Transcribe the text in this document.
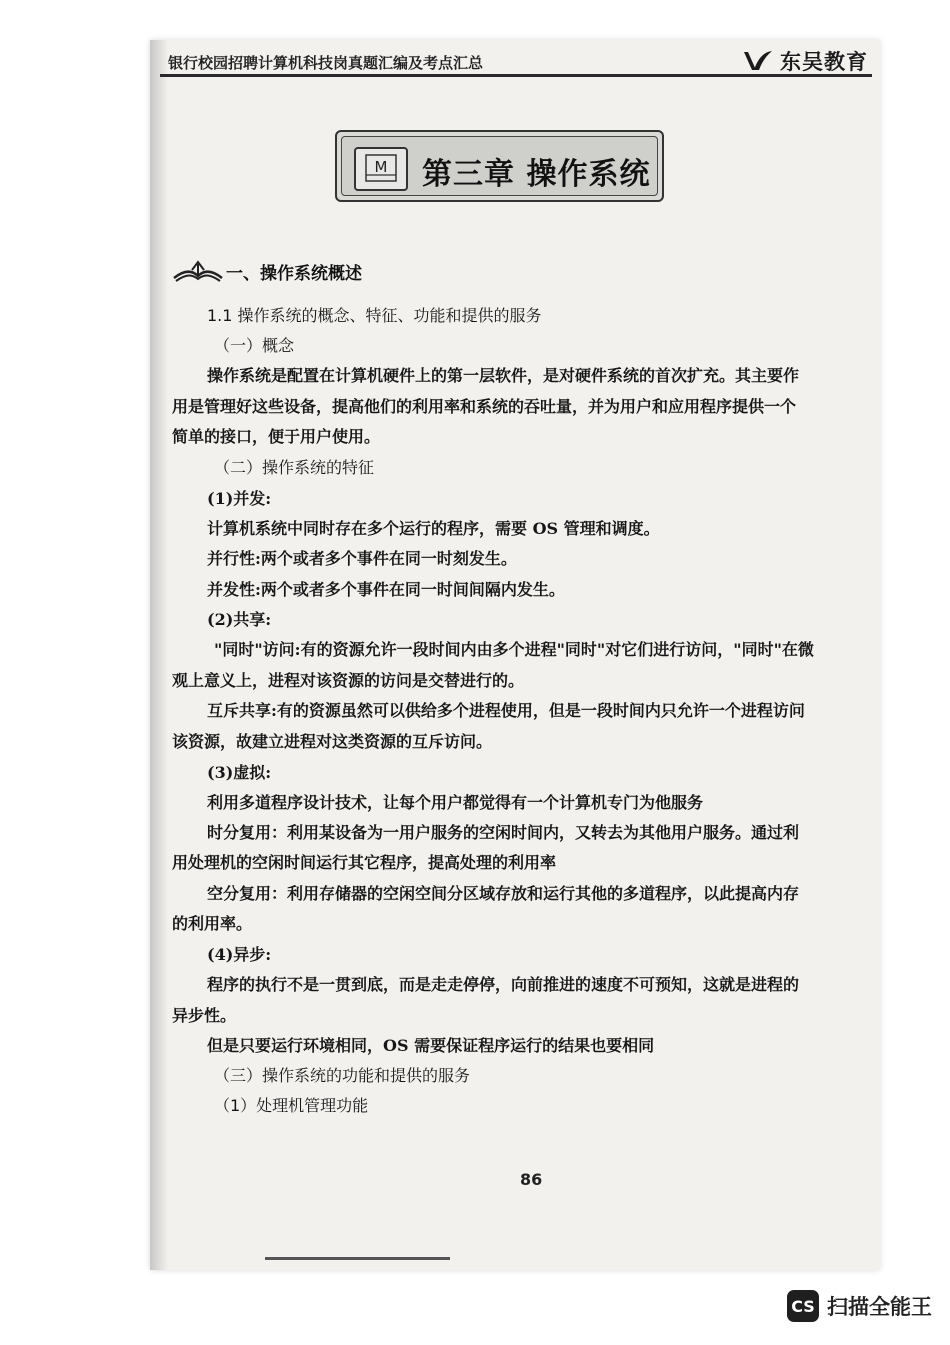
银行校园招聘计算机科技岗真题汇编及考点汇总	东吴教育
M 第三章 操作系统
一、操作系统概述
1.1 操作系统的概念、特征、功能和提供的服务
（一）概念
操作系统是配置在计算机硬件上的第一层软件，是对硬件系统的首次扩充。其主要作
用是管理好这些设备，提高他们的利用率和系统的吞吐量，并为用户和应用程序提供一个
简单的接口，便于用户使用。
（二）操作系统的特征
(1)并发:
计算机系统中同时存在多个运行的程序，需要 OS 管理和调度。
并行性:两个或者多个事件在同一时刻发生。
并发性:两个或者多个事件在同一时间间隔内发生。
(2)共享:
"同时"访问:有的资源允许一段时间内由多个进程"同时"对它们进行访问，"同时"在微
观上意义上，进程对该资源的访问是交替进行的。
互斥共享:有的资源虽然可以供给多个进程使用，但是一段时间内只允许一个进程访问
该资源，故建立进程对这类资源的互斥访问。
(3)虚拟:
利用多道程序设计技术，让每个用户都觉得有一个计算机专门为他服务
时分复用：利用某设备为一用户服务的空闲时间内，又转去为其他用户服务。通过利
用处理机的空闲时间运行其它程序，提高处理的利用率
空分复用：利用存储器的空闲空间分区域存放和运行其他的多道程序，以此提高内存
的利用率。
(4)异步:
程序的执行不是一贯到底，而是走走停停，向前推进的速度不可预知，这就是进程的
异步性。
但是只要运行环境相同，OS 需要保证程序运行的结果也要相同
（三）操作系统的功能和提供的服务
（1）处理机管理功能
86
CS 扫描全能王
